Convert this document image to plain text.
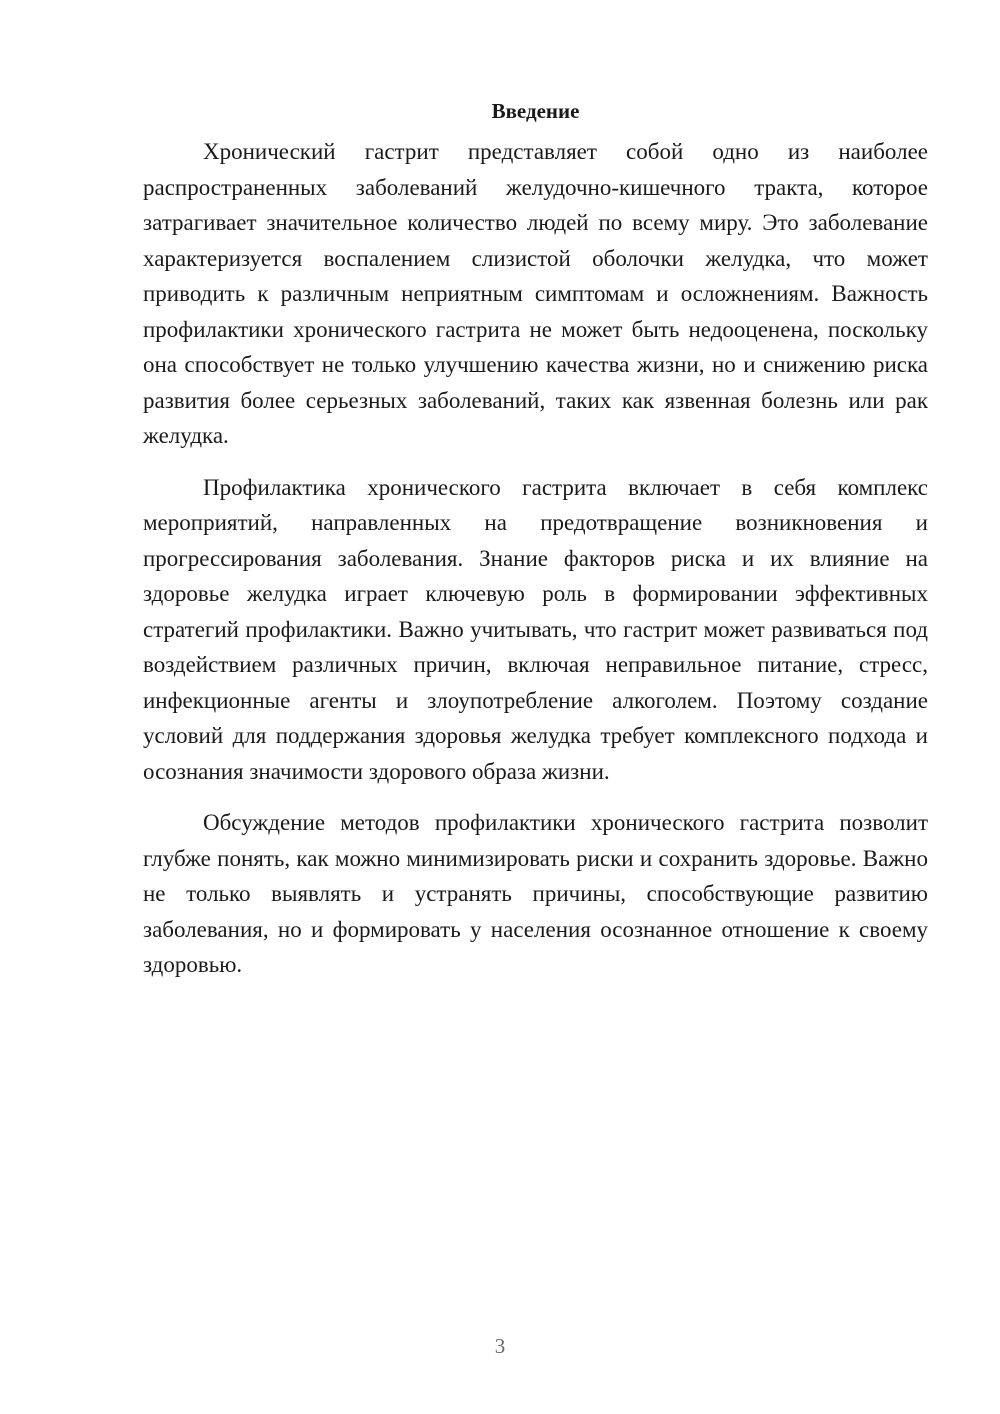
Введение

Хронический гастрит представляет собой одно из наиболее распространенных заболеваний желудочно-кишечного тракта, которое затрагивает значительное количество людей по всему миру. Это заболевание характеризуется воспалением слизистой оболочки желудка, что может приводить к различным неприятным симптомам и осложнениям. Важность профилактики хронического гастрита не может быть недооценена, поскольку она способствует не только улучшению качества жизни, но и снижению риска развития более серьезных заболеваний, таких как язвенная болезнь или рак желудка.

Профилактика хронического гастрита включает в себя комплекс мероприятий, направленных на предотвращение возникновения и прогрессирования заболевания. Знание факторов риска и их влияние на здоровье желудка играет ключевую роль в формировании эффективных стратегий профилактики. Важно учитывать, что гастрит может развиваться под воздействием различных причин, включая неправильное питание, стресс, инфекционные агенты и злоупотребление алкоголем. Поэтому создание условий для поддержания здоровья желудка требует комплексного подхода и осознания значимости здорового образа жизни.

Обсуждение методов профилактики хронического гастрита позволит глубже понять, как можно минимизировать риски и сохранить здоровье. Важно не только выявлять и устранять причины, способствующие развитию заболевания, но и формировать у населения осознанное отношение к своему здоровью.

3
